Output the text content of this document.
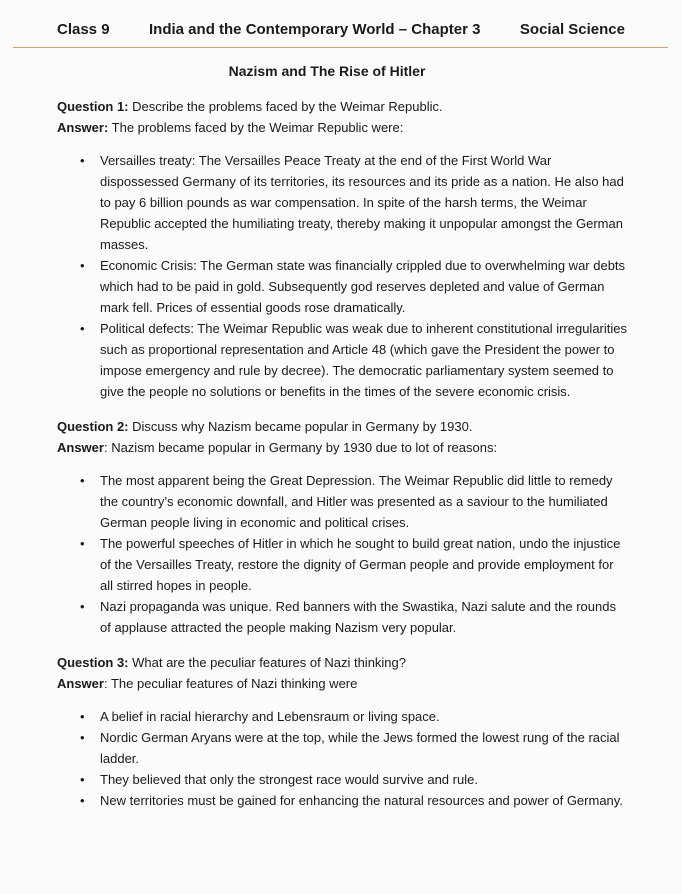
Class 9	India and the Contemporary World – Chapter 3	Social Science
Nazism and The Rise of Hitler

Question 1: Describe the problems faced by the Weimar Republic.

Answer: The problems faced by the Weimar Republic were:

• Versailles treaty: The Versailles Peace Treaty at the end of the First World War dispossessed Germany of its territories, its resources and its pride as a nation. He also had to pay 6 billion pounds as war compensation. In spite of the harsh terms, the Weimar Republic accepted the humiliating treaty, thereby making it unpopular amongst the German masses.
• Economic Crisis: The German state was financially crippled due to overwhelming war debts which had to be paid in gold. Subsequently god reserves depleted and value of German mark fell. Prices of essential goods rose dramatically.
• Political defects: The Weimar Republic was weak due to inherent constitutional irregularities such as proportional representation and Article 48 (which gave the President the power to impose emergency and rule by decree). The democratic parliamentary system seemed to give the people no solutions or benefits in the times of the severe economic crisis.

Question 2: Discuss why Nazism became popular in Germany by 1930.

Answer: Nazism became popular in Germany by 1930 due to lot of reasons:

• The most apparent being the Great Depression. The Weimar Republic did little to remedy the country’s economic downfall, and Hitler was presented as a saviour to the humiliated German people living in economic and political crises.
• The powerful speeches of Hitler in which he sought to build great nation, undo the injustice of the Versailles Treaty, restore the dignity of German people and provide employment for all stirred hopes in people.
• Nazi propaganda was unique. Red banners with the Swastika, Nazi salute and the rounds of applause attracted the people making Nazism very popular.

Question 3: What are the peculiar features of Nazi thinking?

Answer: The peculiar features of Nazi thinking were

• A belief in racial hierarchy and Lebensraum or living space.
• Nordic German Aryans were at the top, while the Jews formed the lowest rung of the racial ladder.
• They believed that only the strongest race would survive and rule.
• New territories must be gained for enhancing the natural resources and power of Germany.
